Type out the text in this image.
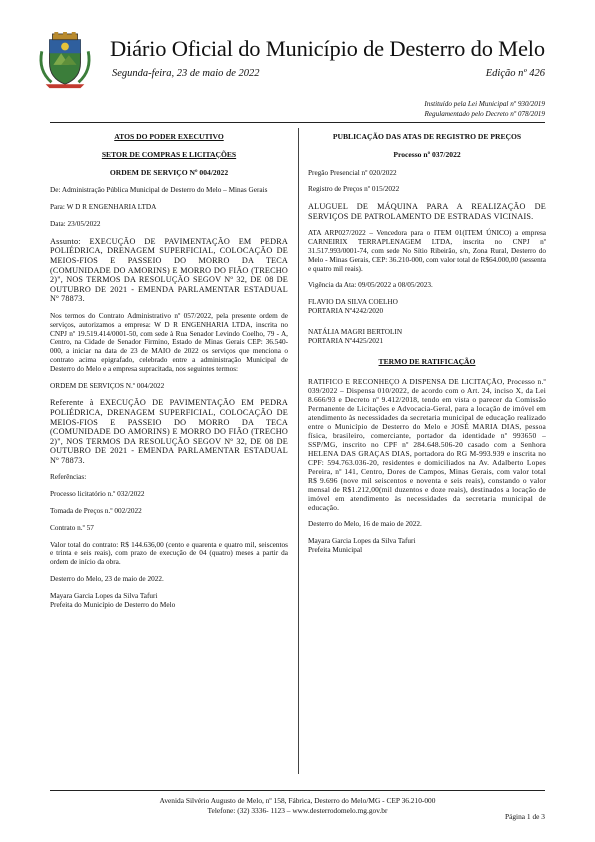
Diário Oficial do Município de Desterro do Melo
Segunda-feira, 23 de maio de 2022	Edição nº 426
Instituído pela Lei Municipal nº 930/2019
Regulamentado pelo Decreto nº 078/2019
ATOS DO PODER EXECUTIVO
SETOR DE COMPRAS E LICITAÇÕES
ORDEM DE SERVIÇO Nº 004/2022

De: Administração Pública Municipal de Desterro do Melo – Minas Gerais

Para: W D R ENGENHARIA LTDA

Data: 23/05/2022

Assunto: EXECUÇÃO DE PAVIMENTAÇÃO EM PEDRA POLIÉDRICA, DRENAGEM SUPERFICIAL, COLOCAÇÃO DE MEIOS-FIOS E PASSEIO DO MORRO DA TECA (COMUNIDADE DO AMORINS) E MORRO DO FIÃO (TRECHO 2)", NOS TERMOS DA RESOLUÇÃO SEGOV Nº 32, DE 08 DE OUTUBRO DE 2021 - EMENDA PARLAMENTAR ESTADUAL Nº 78873.

Nos termos do Contrato Administrativo nº 057/2022, pela presente ordem de serviços, autorizamos a empresa: W D R ENGENHARIA LTDA, inscrita no CNPJ nº 19.519.414/0001-50, com sede à Rua Senador Levindo Coelho, 79 - A, Centro, na Cidade de Senador Firmino, Estado de Minas Gerais CEP: 36.540-000, a iniciar na data de 23 de MAIO de 2022 os serviços que menciona o contrato acima epigrafado, celebrado entre a administração Municipal de Desterro do Melo e a empresa supracitada, nos seguintes termos:

ORDEM DE SERVIÇOS N.º 004/2022

Referente à EXECUÇÃO DE PAVIMENTAÇÃO EM PEDRA POLIÉDRICA, DRENAGEM SUPERFICIAL, COLOCAÇÃO DE MEIOS-FIOS E PASSEIO DO MORRO DA TECA (COMUNIDADE DO AMORINS) E MORRO DO FIÃO (TRECHO 2)", NOS TERMOS DA RESOLUÇÃO SEGOV Nº 32, DE 08 DE OUTUBRO DE 2021 - EMENDA PARLAMENTAR ESTADUAL Nº 78873.

Referências:

Processo licitatório n.º 032/2022

Tomada de Preços n.º 002/2022

Contrato n.º 57

Valor total do contrato: R$ 144.636,00 (cento e quarenta e quatro mil, seiscentos e trinta e seis reais), com prazo de execução de 04 (quatro) meses a partir da ordem de início da obra.

Desterro do Melo, 23 de maio de 2022.

Mayara Garcia Lopes da Silva Tafuri
Prefeita do Município de Desterro do Melo
PUBLICAÇÃO DAS ATAS DE REGISTRO DE PREÇOS
Processo nº 037/2022

Pregão Presencial nº 020/2022

Registro de Preços nº 015/2022

ALUGUEL DE MÁQUINA PARA A REALIZAÇÃO DE SERVIÇOS DE PATROLAMENTO DE ESTRADAS VICINAIS.

ATA ARP027/2022 – Vencedora para o ITEM 01(ITEM ÚNICO) a empresa CARNEIRIX TERRAPLENAGEM LTDA, inscrita no CNPJ nº 31.517.993/0001-74, com sede No Sítio Ribeirão, s/n, Zona Rural, Desterro do Melo - Minas Gerais, CEP: 36.210-000, com valor total de R$64.000,00 (sessenta e quatro mil reais).

Vigência da Ata: 09/05/2022 a 08/05/2023.

FLAVIO DA SILVA COELHO
PORTARIA Nº4242/2020
NATÁLIA MAGRI BERTOLIN
PORTARIA Nº4425/2021
TERMO DE RATIFICAÇÃO

RATIFICO E RECONHEÇO A DISPENSA DE LICITAÇÃO, Processo n.º 039/2022 – Dispensa 010/2022, de acordo com o Art. 24, inciso X, da Lei 8.666/93 e Decreto nº 9.412/2018, tendo em vista o parecer da Comissão Permanente de Licitações e Advocacia-Geral, para a locação de imóvel em atendimento às necessidades da secretaria municipal de educação realizado entre o Município de Desterro do Melo e JOSÉ MARIA DIAS, pessoa física, brasileiro, comerciante, portador da identidade nº 993650 – SSP/MG, inscrito no CPF nº 284.648.506-20 casado com a Senhora HELENA DAS GRAÇAS DIAS, portadora do RG M-993.939 e inscrita no CPF: 594.763.036-20, residentes e domiciliados na Av. Adalberto Lopes Pereira, nº 141, Centro, Dores de Campos, Minas Gerais, com valor total R$ 9.696 (nove mil seiscentos e noventa e seis reais), constando o valor mensal de R$1.212,00(mil duzentos e doze reais), destinados a locação de imóvel em atendimento às necessidades da secretaria municipal de educação.

Desterro do Melo, 16 de maio de 2022.

Mayara Garcia Lopes da Silva Tafuri
Prefeita Municipal
Avenida Silvério Augusto de Melo, nº 158, Fábrica, Desterro do Melo/MG - CEP 36.210-000
Telefone: (32) 3336- 1123 – www.desterrodomelo.mg.gov.br
Página 1 de 3
